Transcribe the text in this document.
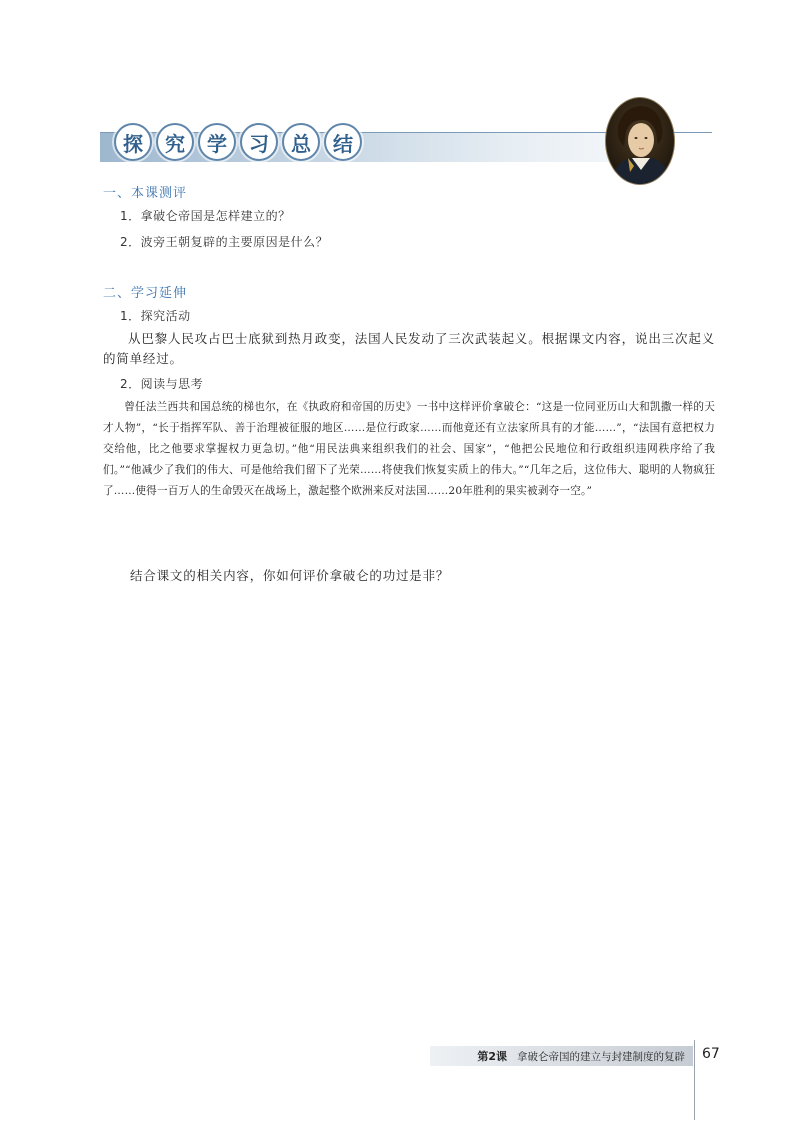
探	究	学	习	总	结
一、本课测评
1．拿破仑帝国是怎样建立的？
2．波旁王朝复辟的主要原因是什么？
二、学习延伸
1．探究活动
从巴黎人民攻占巴士底狱到热月政变，法国人民发动了三次武装起义。根据课文内容，说出三次起义的简单经过。
2．阅读与思考
曾任法兰西共和国总统的梯也尔，在《执政府和帝国的历史》一书中这样评价拿破仑：“这是一位同亚历山大和凯撒一样的天才人物”，“长于指挥军队、善于治理被征服的地区……是位行政家……而他竟还有立法家所具有的才能……”，“法国有意把权力交给他，比之他要求掌握权力更急切。”他“用民法典来组织我们的社会、国家”，“他把公民地位和行政组织违网秩序给了我们。”“他减少了我们的伟大、可是他给我们留下了光荣……将使我们恢复实质上的伟大。”“几年之后，这位伟大、聪明的人物疯狂了……使得一百万人的生命毁灭在战场上，激起整个欧洲来反对法国……20年胜利的果实被剥夺一空。”
结合课文的相关内容，你如何评价拿破仑的功过是非？
第2课 拿破仑帝国的建立与封建制度的复辟 67
